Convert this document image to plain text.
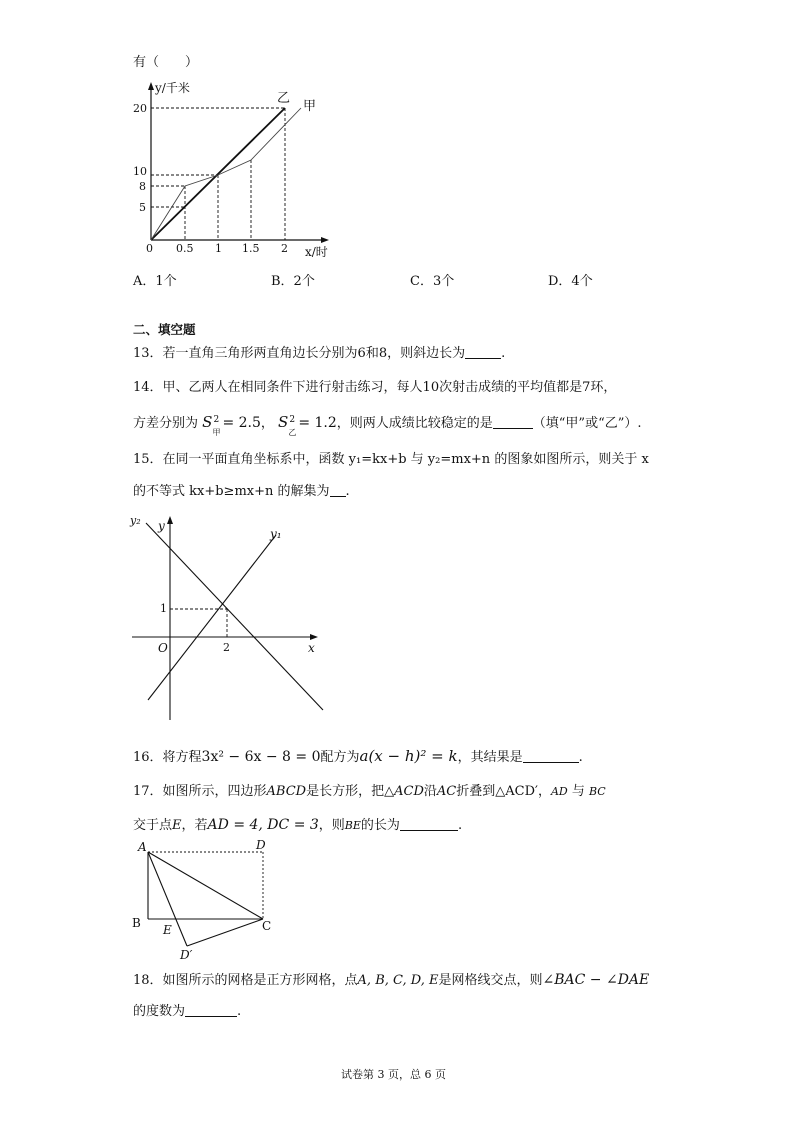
有（　　）
y/千米
x/时
0
20
10
8
5
0.5 1 1.5 2
乙
甲
A．1个	B．2个	C．3个	D．4个
二、填空题
13．若一直角三角形两直角边长分别为6和8，则斜边长为	.
14．甲、乙两人在相同条件下进行射击练习，每人10次射击成绩的平均值都是7环，
方差分别为 S 2
甲
= 2.5， S 2
乙
= 1.2，则两人成绩比较稳定的是	（填“甲”或“乙”）.
15．在同一平面直角坐标系中，函数 y₁=kx+b 与 y₂=mx+n 的图象如图所示，则关于 x
的不等式 kx+b≥mx+n 的解集为 .
y₂ y
y₁
1
O	2	x
16．将方程3x² − 6x − 8 = 0配方为a(x − h)² = k，其结果是	.
17．如图所示，四边形ABCD是长方形，把△ACD沿AC折叠到△ACD′，AD 与 BC
交于点E，若AD = 4, DC = 3，则BE的长为	.
A	D
B E	C
D′
18．如图所示的网格是正方形网格，点A, B, C, D, E是网格线交点，则∠BAC − ∠DAE
的度数为	.
试卷第 3 页，总 6 页
